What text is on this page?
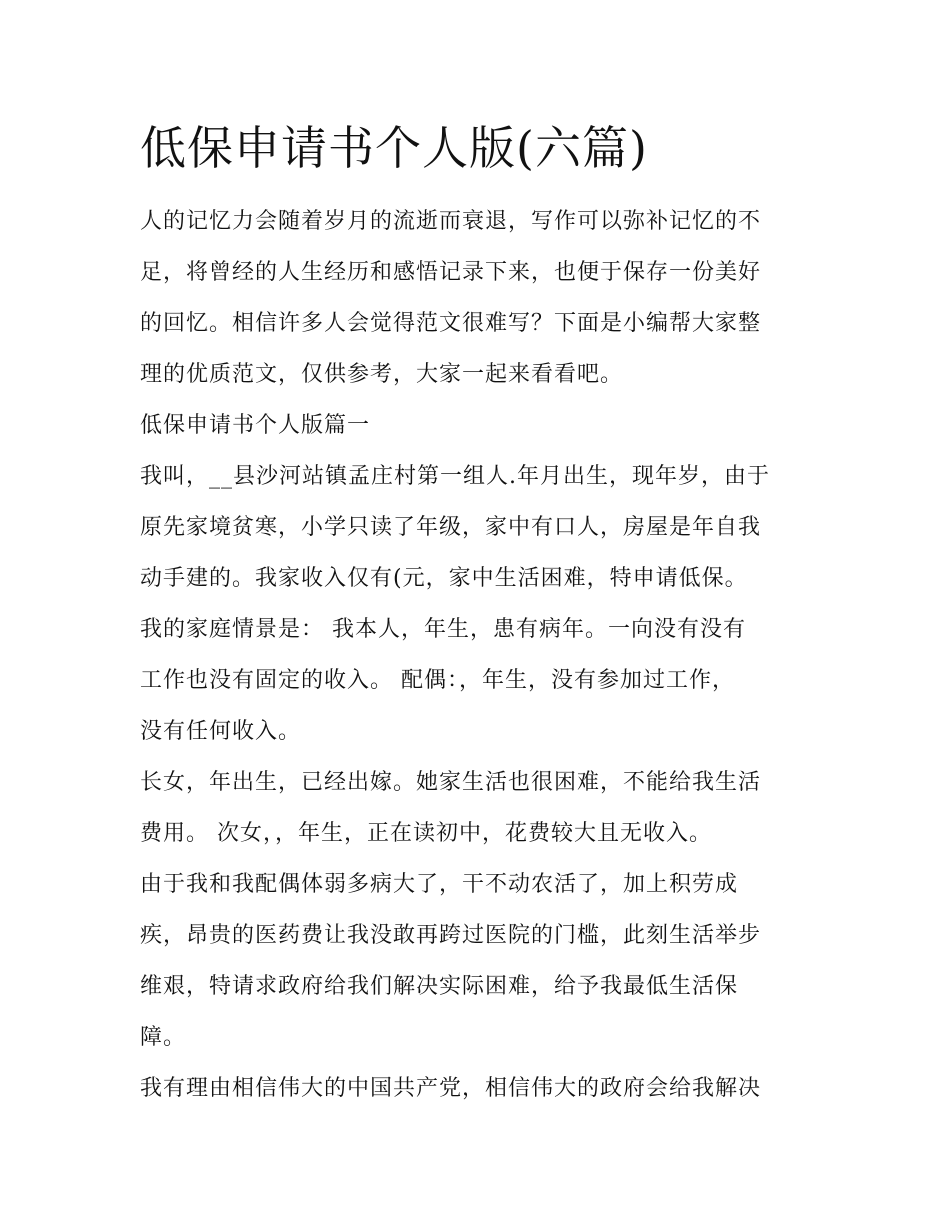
低保申请书个人版(六篇)

人的记忆力会随着岁月的流逝而衰退，写作可以弥补记忆的不
足，将曾经的人生经历和感悟记录下来，也便于保存一份美好
的回忆。相信许多人会觉得范文很难写？下面是小编帮大家整
理的优质范文，仅供参考，大家一起来看看吧。

低保申请书个人版篇一

我叫，__县沙河站镇孟庄村第一组人.年月出生，现年岁，由于
原先家境贫寒，小学只读了年级，家中有口人，房屋是年自我
动手建的。我家收入仅有(元，家中生活困难，特申请低保。

我的家庭情景是： 我本人，年生，患有病年。一向没有没有
工作也没有固定的收入。 配偶：，年生，没有参加过工作，
没有任何收入。

长女，年出生，已经出嫁。她家生活也很困难，不能给我生活
费用。 次女，，年生，正在读初中，花费较大且无收入。

由于我和我配偶体弱多病大了，干不动农活了，加上积劳成
疾，昂贵的医药费让我没敢再跨过医院的门槛，此刻生活举步
维艰，特请求政府给我们解决实际困难，给予我最低生活保
障。

我有理由相信伟大的中国共产党，相信伟大的政府会给我解决
